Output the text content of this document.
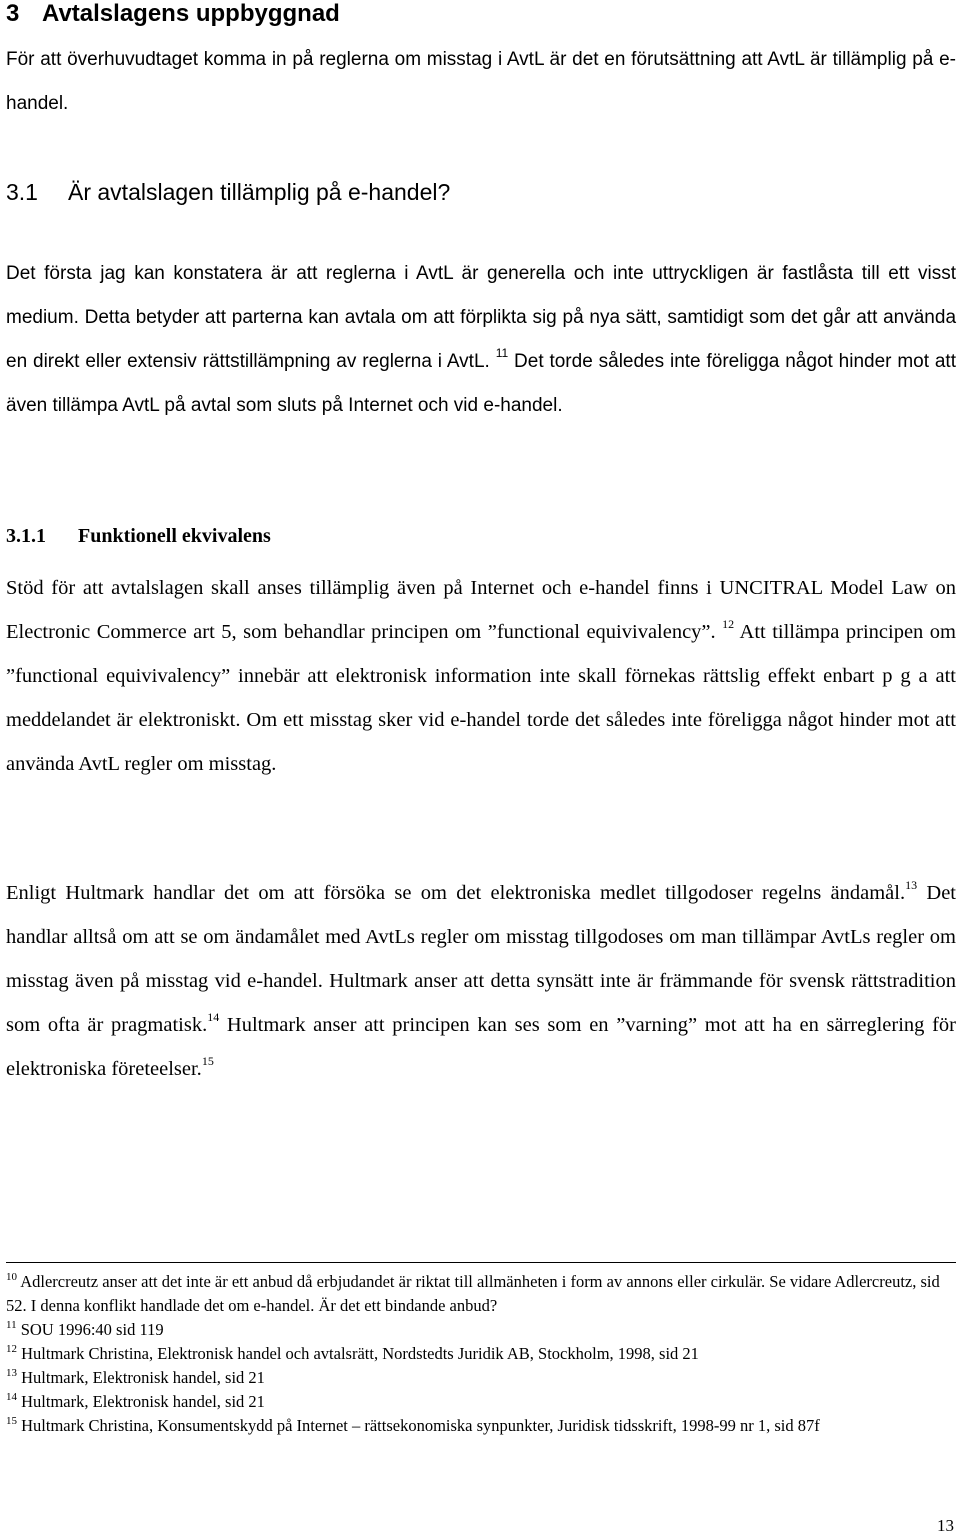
3 Avtalslagens uppbyggnad

För att överhuvudtaget komma in på reglerna om misstag i AvtL är det en förutsättning att AvtL är tillämplig på e-handel.

3.1 Är avtalslagen tillämplig på e-handel?

Det första jag kan konstatera är att reglerna i AvtL är generella och inte uttryckligen är fastlåsta till ett visst medium. Detta betyder att parterna kan avtala om att förplikta sig på nya sätt, samtidigt som det går att använda en direkt eller extensiv rättstillämpning av reglerna i AvtL. $^{11}$ Det torde således inte föreligga något hinder mot att även tillämpa AvtL på avtal som sluts på Internet och vid e-handel.

3.1.1 Funktionell ekvivalens

Stöd för att avtalslagen skall anses tillämplig även på Internet och e-handel finns i UNCITRAL Model Law on Electronic Commerce art 5, som behandlar principen om ”functional equivivalency”. $^{12}$ Att tillämpa principen om ”functional equivivalency” innebär att elektronisk information inte skall förnekas rättslig effekt enbart p g a att meddelandet är elektroniskt. Om ett misstag sker vid e-handel torde det således inte föreligga något hinder mot att använda AvtL regler om misstag.

Enligt Hultmark handlar det om att försöka se om det elektroniska medlet tillgodoser regelns ändamål.$^{13}$ Det handlar alltså om att se om ändamålet med AvtLs regler om misstag tillgodoses om man tillämpar AvtLs regler om misstag även på misstag vid e-handel. Hultmark anser att detta synsätt inte är främmande för svensk rättstradition som ofta är pragmatisk.$^{14}$ Hultmark anser att principen kan ses som en ”varning” mot att ha en särreglering för elektroniska företeelser.$^{15}$

$^{10}$ Adlercreutz anser att det inte är ett anbud då erbjudandet är riktat till allmänheten i form av annons eller cirkulär. Se vidare Adlercreutz, sid 52. I denna konflikt handlade det om e-handel. Är det ett bindande anbud?

$^{11}$ SOU 1996:40 sid 119

$^{12}$ Hultmark Christina, Elektronisk handel och avtalsrätt, Nordstedts Juridik AB, Stockholm, 1998, sid 21

$^{13}$ Hultmark, Elektronisk handel, sid 21

$^{14}$ Hultmark, Elektronisk handel, sid 21

$^{15}$ Hultmark Christina, Konsumentskydd på Internet – rättsekonomiska synpunkter, Juridisk tidsskrift, 1998-99 nr 1, sid 87f

13
